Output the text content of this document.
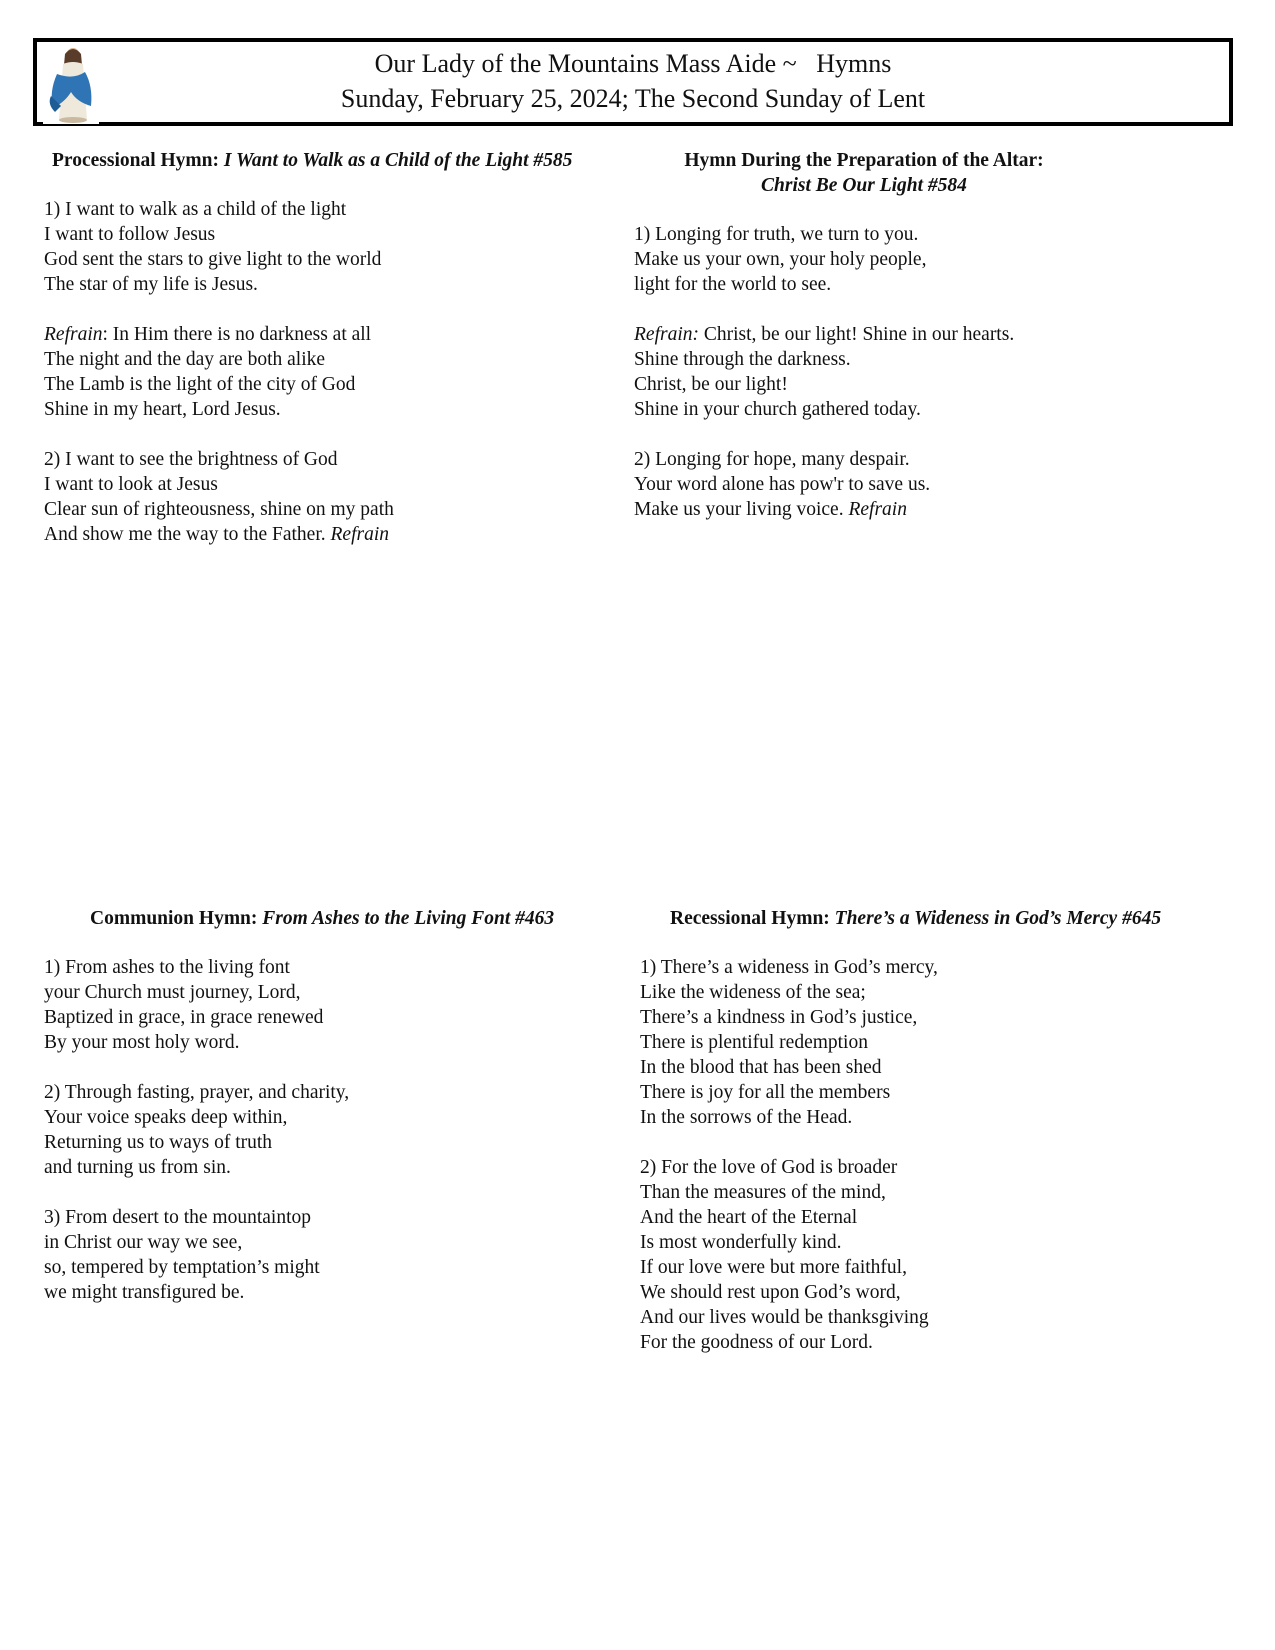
Our Lady of the Mountains Mass Aide ~   Hymns
Sunday, February 25, 2024; The Second Sunday of Lent
Processional Hymn: I Want to Walk as a Child of the Light #585
1) I want to walk as a child of the light
I want to follow Jesus
God sent the stars to give light to the world
The star of my life is Jesus.
Refrain: In Him there is no darkness at all
The night and the day are both alike
The Lamb is the light of the city of God
Shine in my heart, Lord Jesus.
2) I want to see the brightness of God
I want to look at Jesus
Clear sun of righteousness, shine on my path
And show me the way to the Father. Refrain
Hymn During the Preparation of the Altar:
Christ Be Our Light #584
1) Longing for truth, we turn to you.
Make us your own, your holy people,
light for the world to see.
Refrain: Christ, be our light! Shine in our hearts.
Shine through the darkness.
Christ, be our light!
Shine in your church gathered today.
2) Longing for hope, many despair.
Your word alone has pow'r to save us.
Make us your living voice. Refrain
Communion Hymn: From Ashes to the Living Font #463
1) From ashes to the living font
your Church must journey, Lord,
Baptized in grace, in grace renewed
By your most holy word.
2) Through fasting, prayer, and charity,
Your voice speaks deep within,
Returning us to ways of truth
and turning us from sin.
3) From desert to the mountaintop
in Christ our way we see,
so, tempered by temptation’s might
we might transfigured be.
Recessional Hymn: There’s a Wideness in God’s Mercy #645
1) There’s a wideness in God’s mercy,
Like the wideness of the sea;
There’s a kindness in God’s justice,
There is plentiful redemption
In the blood that has been shed
There is joy for all the members
In the sorrows of the Head.
2) For the love of God is broader
Than the measures of the mind,
And the heart of the Eternal
Is most wonderfully kind.
If our love were but more faithful,
We should rest upon God’s word,
And our lives would be thanksgiving
For the goodness of our Lord.
